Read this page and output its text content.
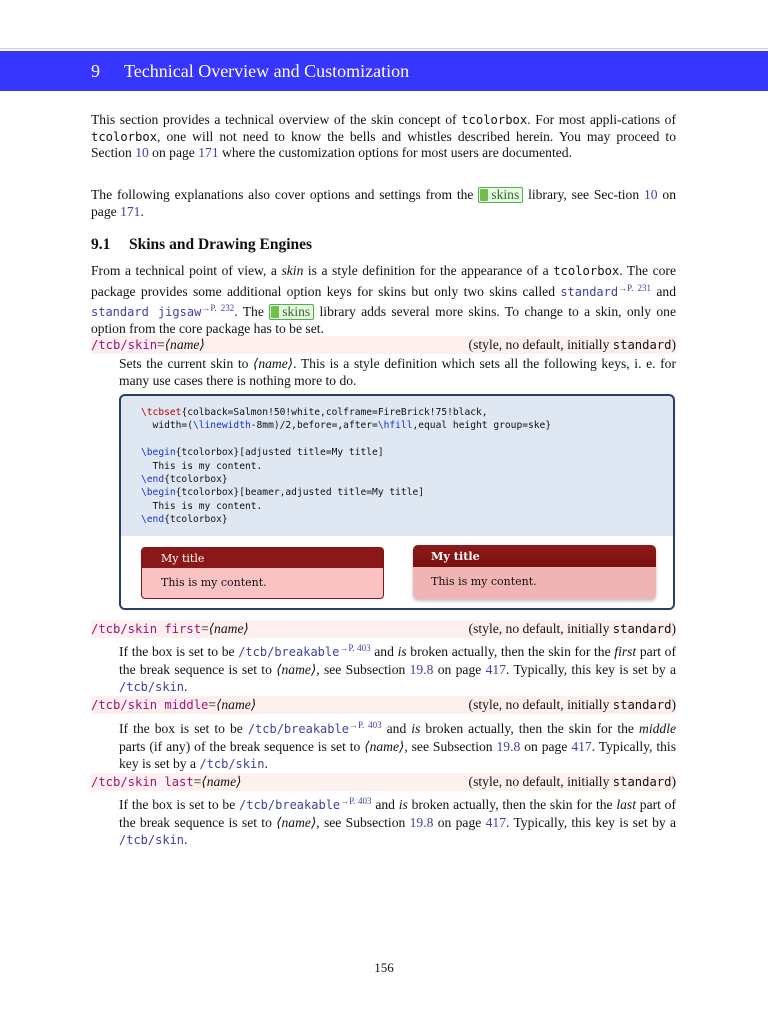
9 Technical Overview and Customization
This section provides a technical overview of the skin concept of tcolorbox. For most appli-cations of tcolorbox, one will not need to know the bells and whistles described herein. You may proceed to Section 10 on page 171 where the customization options for most users are documented.
The following explanations also cover options and settings from the skins library, see Sec-tion 10 on page 171.
9.1 Skins and Drawing Engines
From a technical point of view, a skin is a style definition for the appearance of a tcolorbox. The core package provides some additional option keys for skins but only two skins called standard$^{\to P. 231}$ and standard jigsaw$^{\to P. 232}$. The skins library adds several more skins. To change to a skin, only one option from the core package has to be set.
/tcb/skin=⟨name⟩	(style, no default, initially standard)
Sets the current skin to ⟨name⟩. This is a style definition which sets all the following keys, i. e. for many use cases there is nothing more to do.
\tcbset{colback=Salmon!50!white,colframe=FireBrick!75!black,
width=(\linewidth-8mm)/2,before=,after=\hfill,equal height group=ske}

\begin{tcolorbox}[adjusted title=My title]
This is my content.
\end{tcolorbox}
\begin{tcolorbox}[beamer,adjusted title=My title]
This is my content.
\end{tcolorbox}
My title
This is my content.
My title
This is my content.
/tcb/skin first=⟨name⟩	(style, no default, initially standard)
If the box is set to be /tcb/breakable$^{\to P. 403}$ and is broken actually, then the skin for the first part of the break sequence is set to ⟨name⟩, see Subsection 19.8 on page 417. Typically, this key is set by a /tcb/skin.
/tcb/skin middle=⟨name⟩	(style, no default, initially standard)
If the box is set to be /tcb/breakable$^{\to P. 403}$ and is broken actually, then the skin for the middle parts (if any) of the break sequence is set to ⟨name⟩, see Subsection 19.8 on page 417. Typically, this key is set by a /tcb/skin.
/tcb/skin last=⟨name⟩	(style, no default, initially standard)
If the box is set to be /tcb/breakable$^{\to P. 403}$ and is broken actually, then the skin for the last part of the break sequence is set to ⟨name⟩, see Subsection 19.8 on page 417. Typically, this key is set by a /tcb/skin.
156
